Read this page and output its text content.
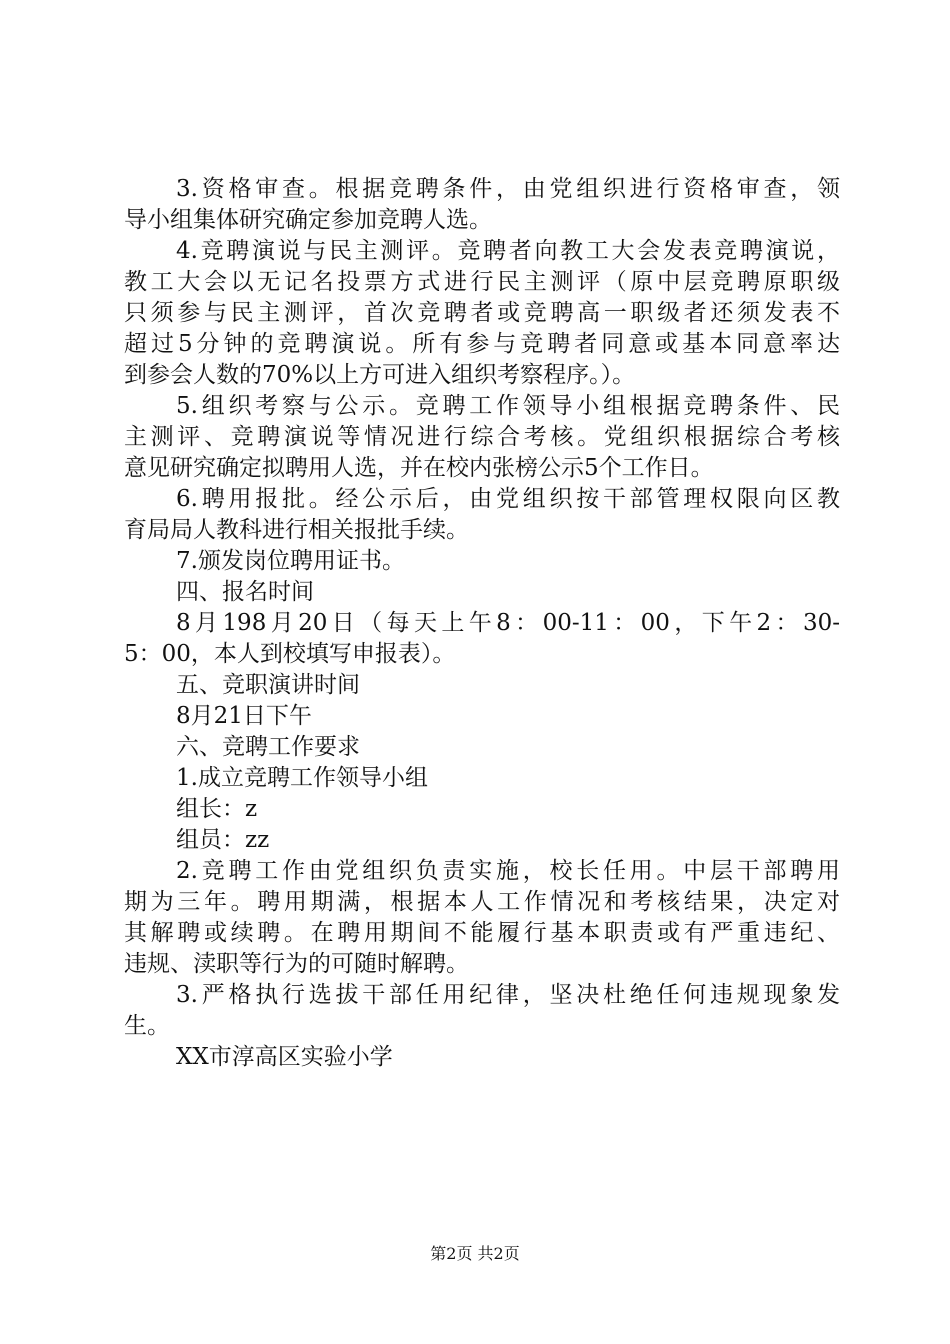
3.资格审查。根据竞聘条件，由党组织进行资格审查，领
导小组集体研究确定参加竞聘人选。
4.竞聘演说与民主测评。竞聘者向教工大会发表竞聘演说，
教工大会以无记名投票方式进行民主测评（原中层竞聘原职级
只须参与民主测评，首次竞聘者或竞聘高一职级者还须发表不
超过5分钟的竞聘演说。所有参与竞聘者同意或基本同意率达
到参会人数的70%以上方可进入组织考察程序。）。
5.组织考察与公示。竞聘工作领导小组根据竞聘条件、民
主测评、竞聘演说等情况进行综合考核。党组织根据综合考核
意见研究确定拟聘用人选，并在校内张榜公示5个工作日。
6.聘用报批。经公示后，由党组织按干部管理权限向区教
育局局人教科进行相关报批手续。
7.颁发岗位聘用证书。
四、报名时间
8月198月20日（每天上午8：00-11：00，下午2：30-
5：00，本人到校填写申报表）。
五、竞职演讲时间
8月21日下午
六、竞聘工作要求
1.成立竞聘工作领导小组
组长：z
组员：zz
2.竞聘工作由党组织负责实施，校长任用。中层干部聘用
期为三年。聘用期满，根据本人工作情况和考核结果，决定对
其解聘或续聘。在聘用期间不能履行基本职责或有严重违纪、
违规、渎职等行为的可随时解聘。
3.严格执行选拔干部任用纪律，坚决杜绝任何违规现象发
生。
XX市淳高区实验小学
第2页 共2页
